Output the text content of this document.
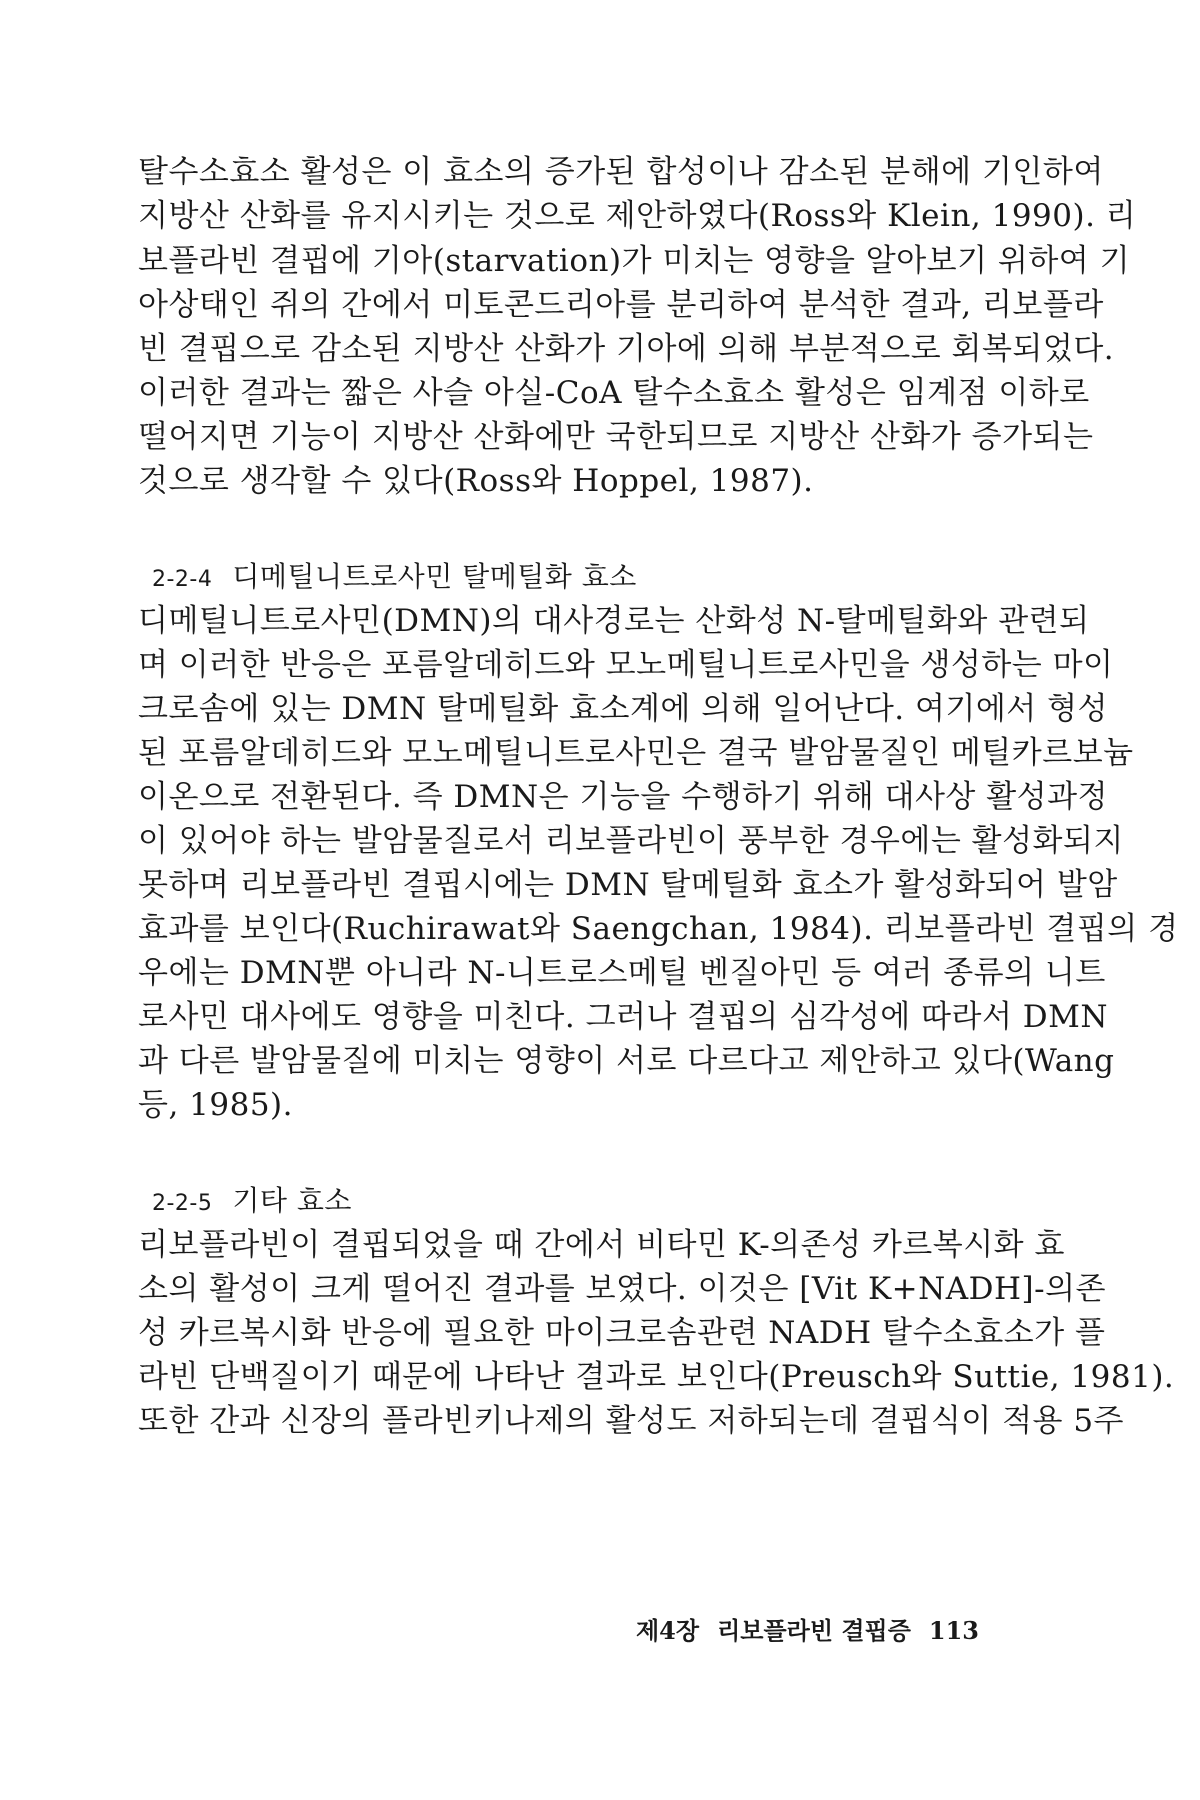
탈수소효소 활성은 이 효소의 증가된 합성이나 감소된 분해에 기인하여
지방산 산화를 유지시키는 것으로 제안하였다(Ross와 Klein, 1990). 리
보플라빈 결핍에 기아(starvation)가 미치는 영향을 알아보기 위하여 기
아상태인 쥐의 간에서 미토콘드리아를 분리하여 분석한 결과, 리보플라
빈 결핍으로 감소된 지방산 산화가 기아에 의해 부분적으로 회복되었다.
이러한 결과는 짧은 사슬 아실-CoA 탈수소효소 활성은 임계점 이하로
떨어지면 기능이 지방산 산화에만 국한되므로 지방산 산화가 증가되는
것으로 생각할 수 있다(Ross와 Hoppel, 1987).
2-2-4 디메틸니트로사민 탈메틸화 효소
디메틸니트로사민(DMN)의 대사경로는 산화성 N-탈메틸화와 관련되
며 이러한 반응은 포름알데히드와 모노메틸니트로사민을 생성하는 마이
크로솜에 있는 DMN 탈메틸화 효소계에 의해 일어난다. 여기에서 형성
된 포름알데히드와 모노메틸니트로사민은 결국 발암물질인 메틸카르보늄
이온으로 전환된다. 즉 DMN은 기능을 수행하기 위해 대사상 활성과정
이 있어야 하는 발암물질로서 리보플라빈이 풍부한 경우에는 활성화되지
못하며 리보플라빈 결핍시에는 DMN 탈메틸화 효소가 활성화되어 발암
효과를 보인다(Ruchirawat와 Saengchan, 1984). 리보플라빈 결핍의 경
우에는 DMN뿐 아니라 N-니트로스메틸 벤질아민 등 여러 종류의 니트
로사민 대사에도 영향을 미친다. 그러나 결핍의 심각성에 따라서 DMN
과 다른 발암물질에 미치는 영향이 서로 다르다고 제안하고 있다(Wang
등, 1985).
2-2-5 기타 효소
리보플라빈이 결핍되었을 때 간에서 비타민 K-의존성 카르복시화 효
소의 활성이 크게 떨어진 결과를 보였다. 이것은 [Vit K+NADH]-의존
성 카르복시화 반응에 필요한 마이크로솜관련 NADH 탈수소효소가 플
라빈 단백질이기 때문에 나타난 결과로 보인다(Preusch와 Suttie, 1981).
또한 간과 신장의 플라빈키나제의 활성도 저하되는데 결핍식이 적용 5주
제4장 리보플라빈 결핍증 113
